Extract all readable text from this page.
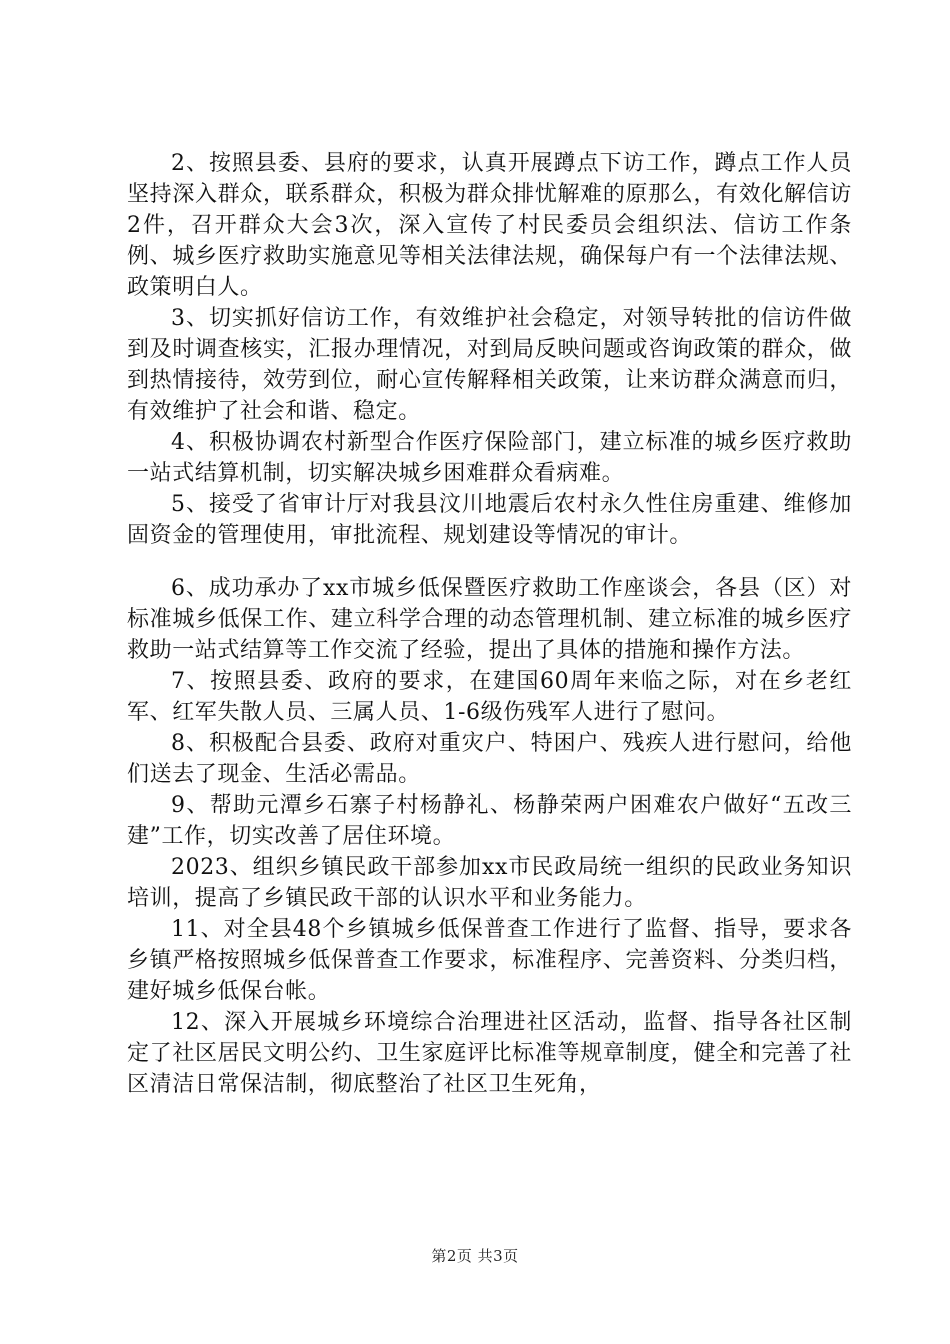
2、按照县委、县府的要求，认真开展蹲点下访工作，蹲点工作人员坚持深入群众，联系群众，积极为群众排忧解难的原那么，有效化解信访2件，召开群众大会3次，深入宣传了村民委员会组织法、信访工作条例、城乡医疗救助实施意见等相关法律法规，确保每户有一个法律法规、政策明白人。

3、切实抓好信访工作，有效维护社会稳定，对领导转批的信访件做到及时调查核实，汇报办理情况，对到局反映问题或咨询政策的群众，做到热情接待，效劳到位，耐心宣传解释相关政策，让来访群众满意而归，有效维护了社会和谐、稳定。

4、积极协调农村新型合作医疗保险部门，建立标准的城乡医疗救助一站式结算机制，切实解决城乡困难群众看病难。

5、接受了省审计厅对我县汶川地震后农村永久性住房重建、维修加固资金的管理使用，审批流程、规划建设等情况的审计。

6、成功承办了xx市城乡低保暨医疗救助工作座谈会，各县（区）对标准城乡低保工作、建立科学合理的动态管理机制、建立标准的城乡医疗救助一站式结算等工作交流了经验，提出了具体的措施和操作方法。

7、按照县委、政府的要求，在建国60周年来临之际，对在乡老红军、红军失散人员、三属人员、1-6级伤残军人进行了慰问。

8、积极配合县委、政府对重灾户、特困户、残疾人进行慰问，给他们送去了现金、生活必需品。

9、帮助元潭乡石寨子村杨静礼、杨静荣两户困难农户做好“五改三建”工作，切实改善了居住环境。

2023、组织乡镇民政干部参加xx市民政局统一组织的民政业务知识培训，提高了乡镇民政干部的认识水平和业务能力。

11、对全县48个乡镇城乡低保普查工作进行了监督、指导，要求各乡镇严格按照城乡低保普查工作要求，标准程序、完善资料、分类归档，建好城乡低保台帐。

12、深入开展城乡环境综合治理进社区活动，监督、指导各社区制定了社区居民文明公约、卫生家庭评比标准等规章制度，健全和完善了社区清洁日常保洁制，彻底整治了社区卫生死角，

第2页 共3页
